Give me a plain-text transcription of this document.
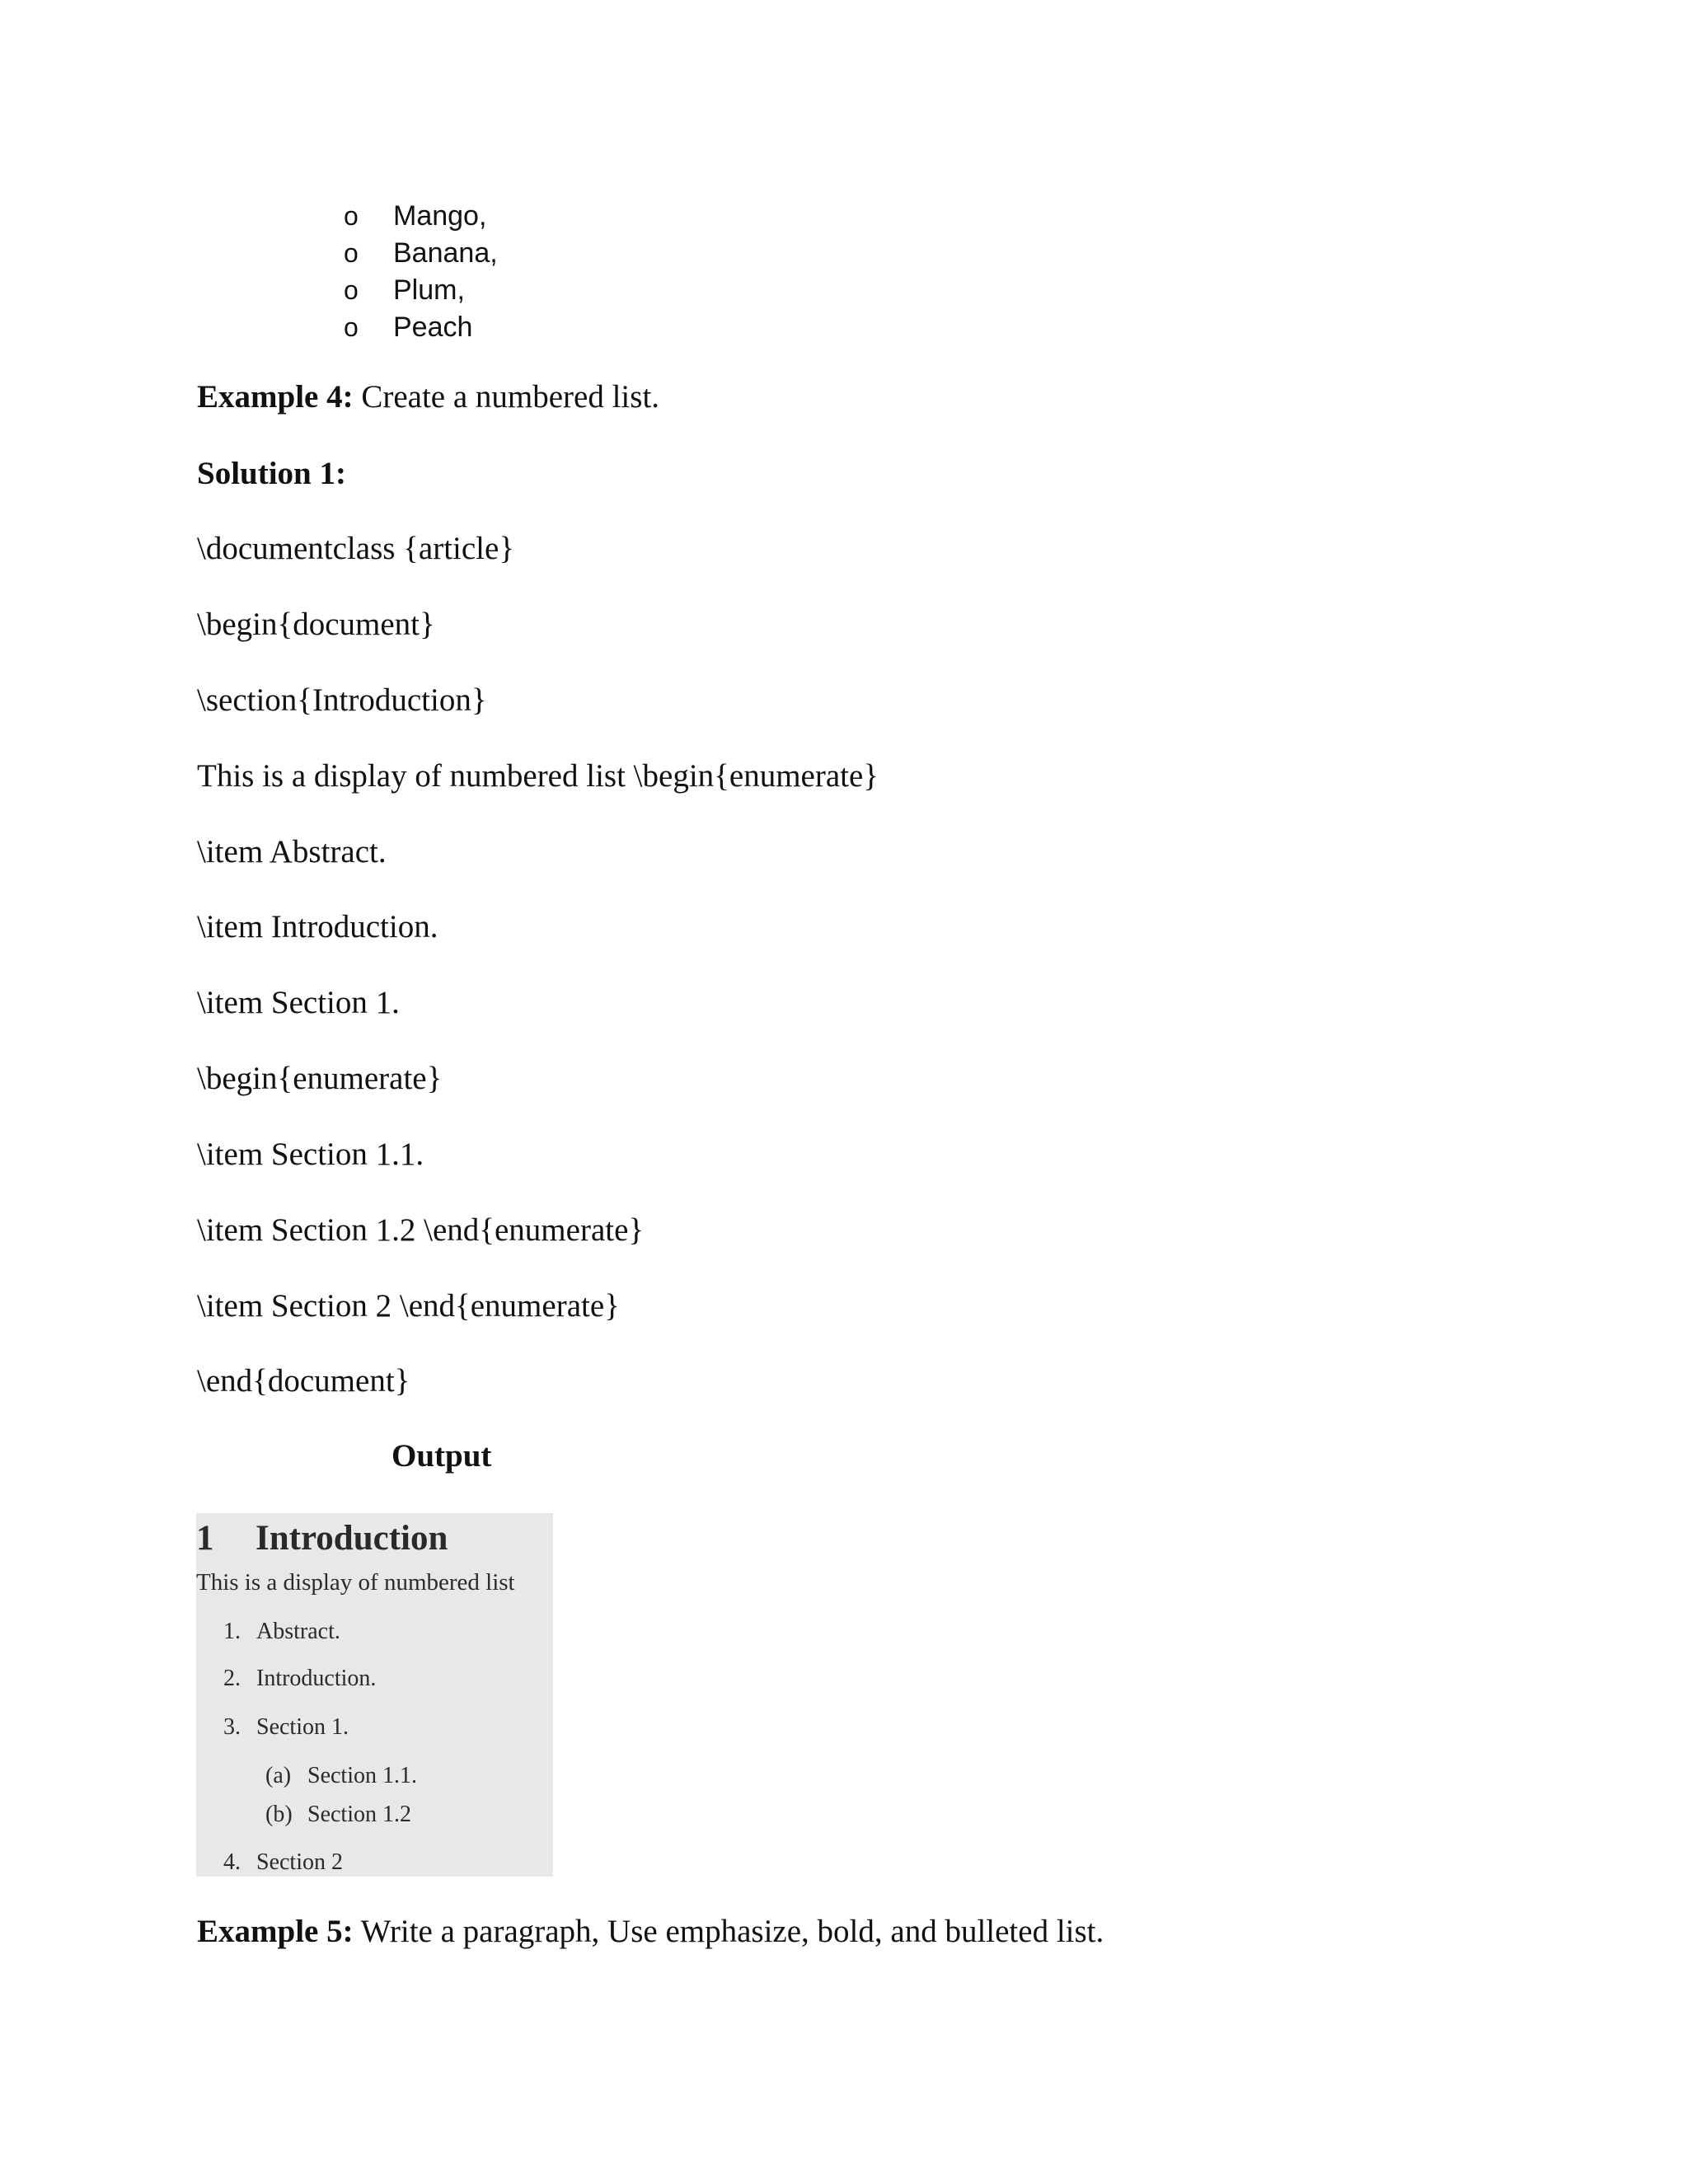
o Mango,
o Banana,
o Plum,
o Peach
Example 4: Create a numbered list.
Solution 1:
\documentclass {article}
\begin{document}
\section{Introduction}
This is a display of numbered list \begin{enumerate}
\item Abstract.
\item Introduction.
\item Section 1.
\begin{enumerate}
\item Section 1.1.
\item Section 1.2 \end{enumerate}
\item Section 2 \end{enumerate}
\end{document}
Output
1 Introduction
This is a display of numbered list
1. Abstract.
2. Introduction.
3. Section 1.
(a) Section 1.1.
(b) Section 1.2
4. Section 2
Example 5: Write a paragraph, Use emphasize, bold, and bulleted list.
